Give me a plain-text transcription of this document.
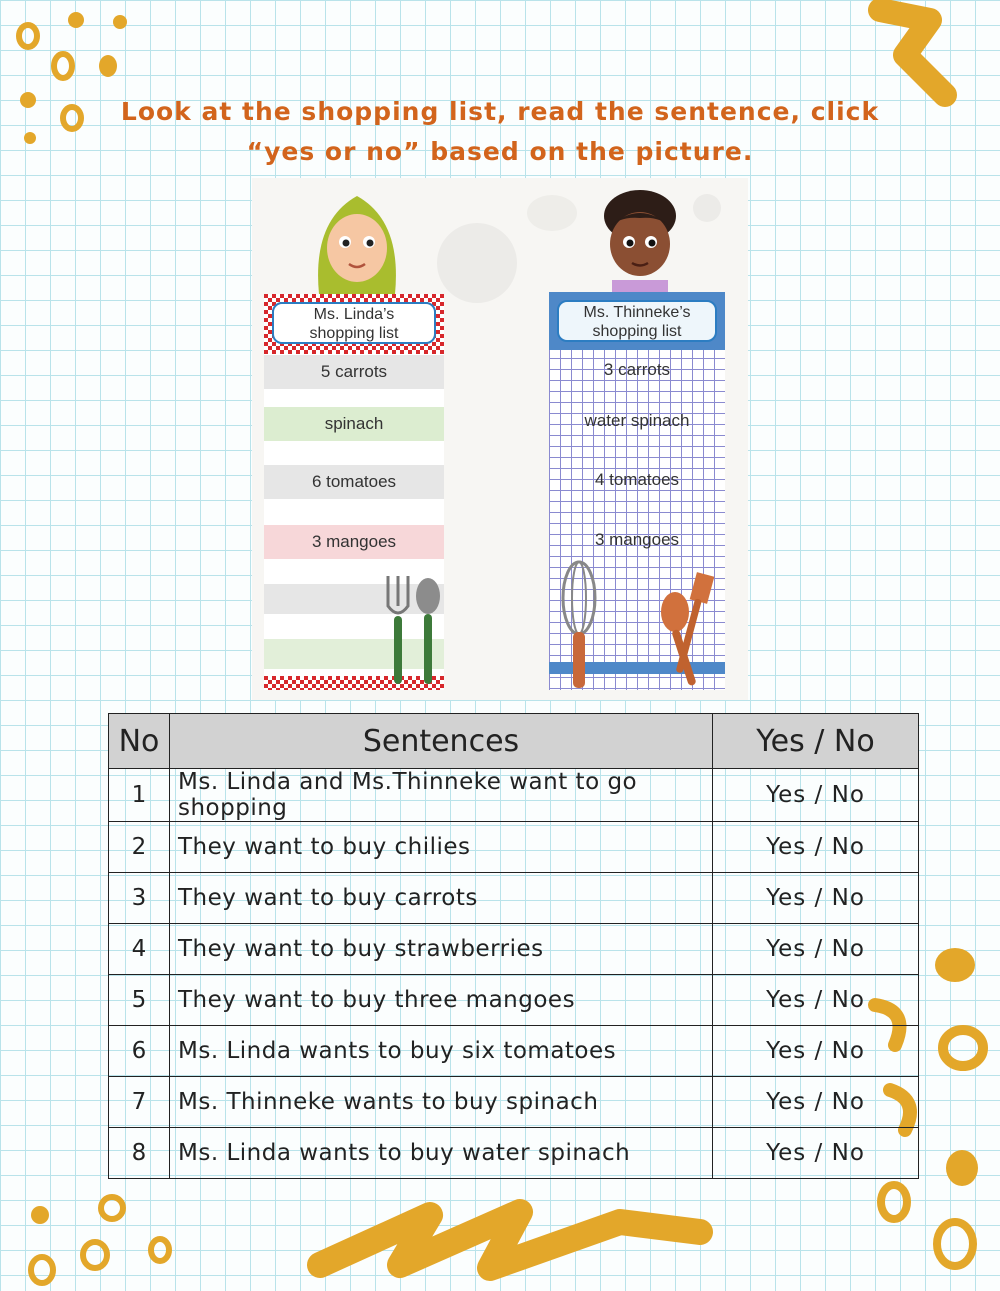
Look at the shopping list, read the sentence, click
“yes or no” based on the picture.
Ms. Linda’s
shopping list
5 carrots
spinach
6 tomatoes
3 mangoes
Ms. Thinneke’s
shopping list
3 carrots
water spinach
4 tomatoes
3 mangoes
No	Sentences	Yes / No
1	Ms. Linda and Ms.Thinneke want to go shopping	Yes / No
2	They want to buy chilies	Yes / No
3	They want to buy carrots	Yes / No
4	They want to buy strawberries	Yes / No
5	They want to buy three mangoes	Yes / No
6	Ms. Linda wants to buy six tomatoes	Yes / No
7	Ms. Thinneke wants to buy spinach	Yes / No
8	Ms. Linda wants to buy water spinach	Yes / No
